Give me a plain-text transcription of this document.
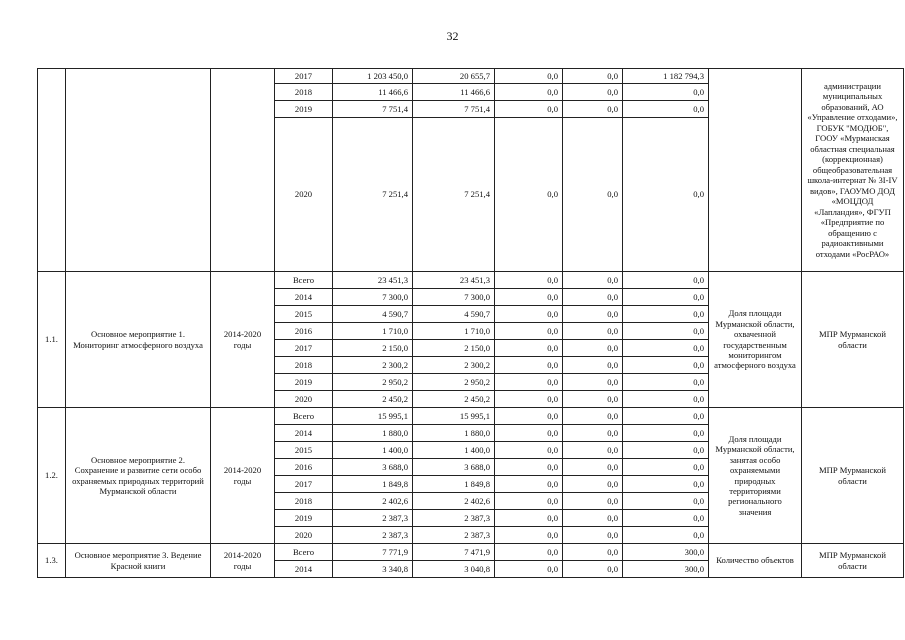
32
			2017	1 203 450,0	20 655,7	0,0	0,0	1 182 794,3		администрации муниципальных образований, АО «Управление отходами», ГОБУК "МОДЮБ", ГООУ «Мурманская областная специальная (коррекционная) общеобразовательная школа-интернат № 3I-IV видов», ГАОУМО ДОД «МОЦДОД «Лапландия», ФГУП «Предприятие по обращению с радиоактивными отходами «РосРАО»
			2018	11 466,6	11 466,6	0,0	0,0	0,0		
			2019	7 751,4	7 751,4	0,0	0,0	0,0		
			2020	7 251,4	7 251,4	0,0	0,0	0,0		
1.1.	Основное мероприятие 1. Мониторинг атмосферного воздуха	2014-2020 годы	Всего	23 451,3	23 451,3	0,0	0,0	0,0	Доля площади Мурманской области, охваченной государственным мониторингом атмосферного воздуха	МПР Мурманской области
			2014	7 300,0	7 300,0	0,0	0,0	0,0		
			2015	4 590,7	4 590,7	0,0	0,0	0,0		
			2016	1 710,0	1 710,0	0,0	0,0	0,0		
			2017	2 150,0	2 150,0	0,0	0,0	0,0		
			2018	2 300,2	2 300,2	0,0	0,0	0,0		
			2019	2 950,2	2 950,2	0,0	0,0	0,0		
			2020	2 450,2	2 450,2	0,0	0,0	0,0		
1.2.	Основное мероприятие 2. Сохранение и развитие сети особо охраняемых природных территорий Мурманской области	2014-2020 годы	Всего	15 995,1	15 995,1	0,0	0,0	0,0	Доля площади Мурманской области, занятая особо охраняемыми природных территориями регионального значения	МПР Мурманской области
			2014	1 880,0	1 880,0	0,0	0,0	0,0		
			2015	1 400,0	1 400,0	0,0	0,0	0,0		
			2016	3 688,0	3 688,0	0,0	0,0	0,0		
			2017	1 849,8	1 849,8	0,0	0,0	0,0		
			2018	2 402,6	2 402,6	0,0	0,0	0,0		
			2019	2 387,3	2 387,3	0,0	0,0	0,0		
			2020	2 387,3	2 387,3	0,0	0,0	0,0		
1.3.	Основное мероприятие 3. Ведение Красной книги	2014-2020 годы	Всего	7 771,9	7 471,9	0,0	0,0	300,0	Количество объектов	МПР Мурманской области
			2014	3 340,8	3 040,8	0,0	0,0	300,0		
